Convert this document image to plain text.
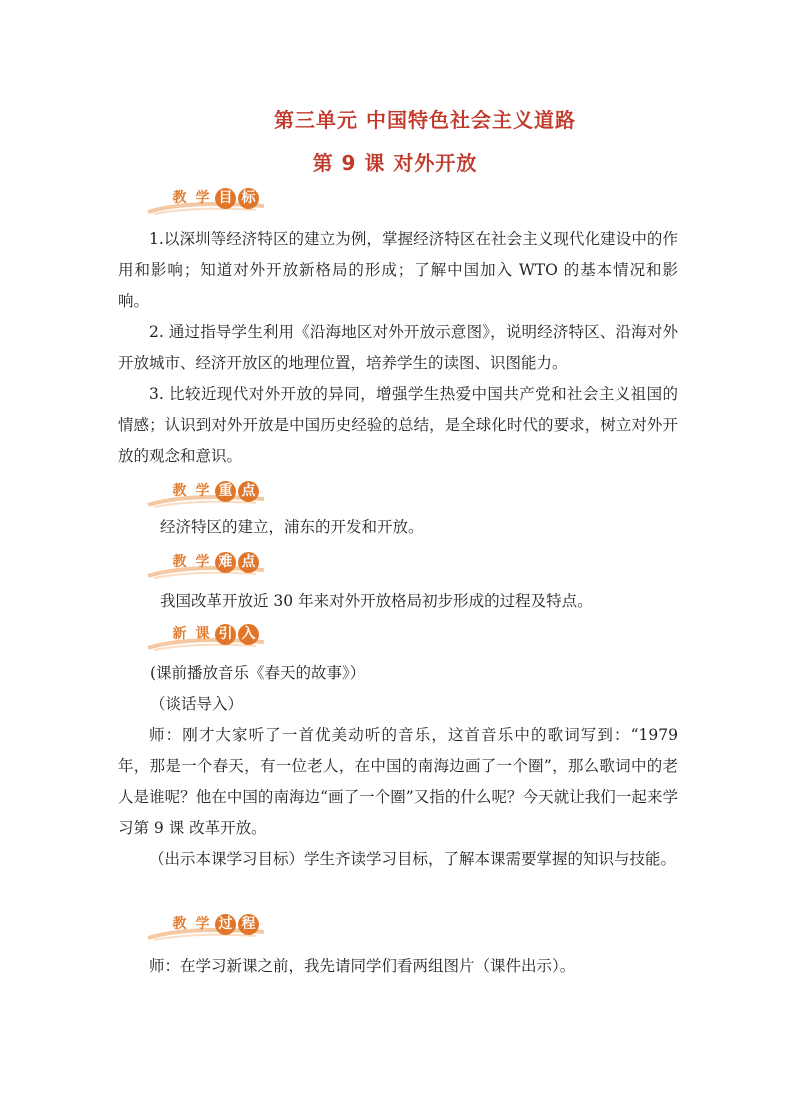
第三单元 中国特色社会主义道路
第 9 课 对外开放
教 学 目 标

1.以深圳等经济特区的建立为例，掌握经济特区在社会主义现代化建设中的作用和影响；知道对外开放新格局的形成；了解中国加入 WTO 的基本情况和影响。

2. 通过指导学生利用《沿海地区对外开放示意图》，说明经济特区、沿海对外开放城市、经济开放区的地理位置，培养学生的读图、识图能力。

3. 比较近现代对外开放的异同，增强学生热爱中国共产党和社会主义祖国的情感；认识到对外开放是中国历史经验的总结，是全球化时代的要求，树立对外开放的观念和意识。

教 学 重 点

经济特区的建立，浦东的开发和开放。

教 学 难 点

我国改革开放近 30 年来对外开放格局初步形成的过程及特点。

新 课 引 入

(课前播放音乐《春天的故事》）

（谈话导入）

师：刚才大家听了一首优美动听的音乐，这首音乐中的歌词写到：“1979 年，那是一个春天，有一位老人，在中国的南海边画了一个圈”，那么歌词中的老人是谁呢？他在中国的南海边“画了一个圈”又指的什么呢？今天就让我们一起来学习第 9 课 改革开放。

（出示本课学习目标）学生齐读学习目标，了解本课需要掌握的知识与技能。

教 学 过 程

师：在学习新课之前，我先请同学们看两组图片（课件出示）。
